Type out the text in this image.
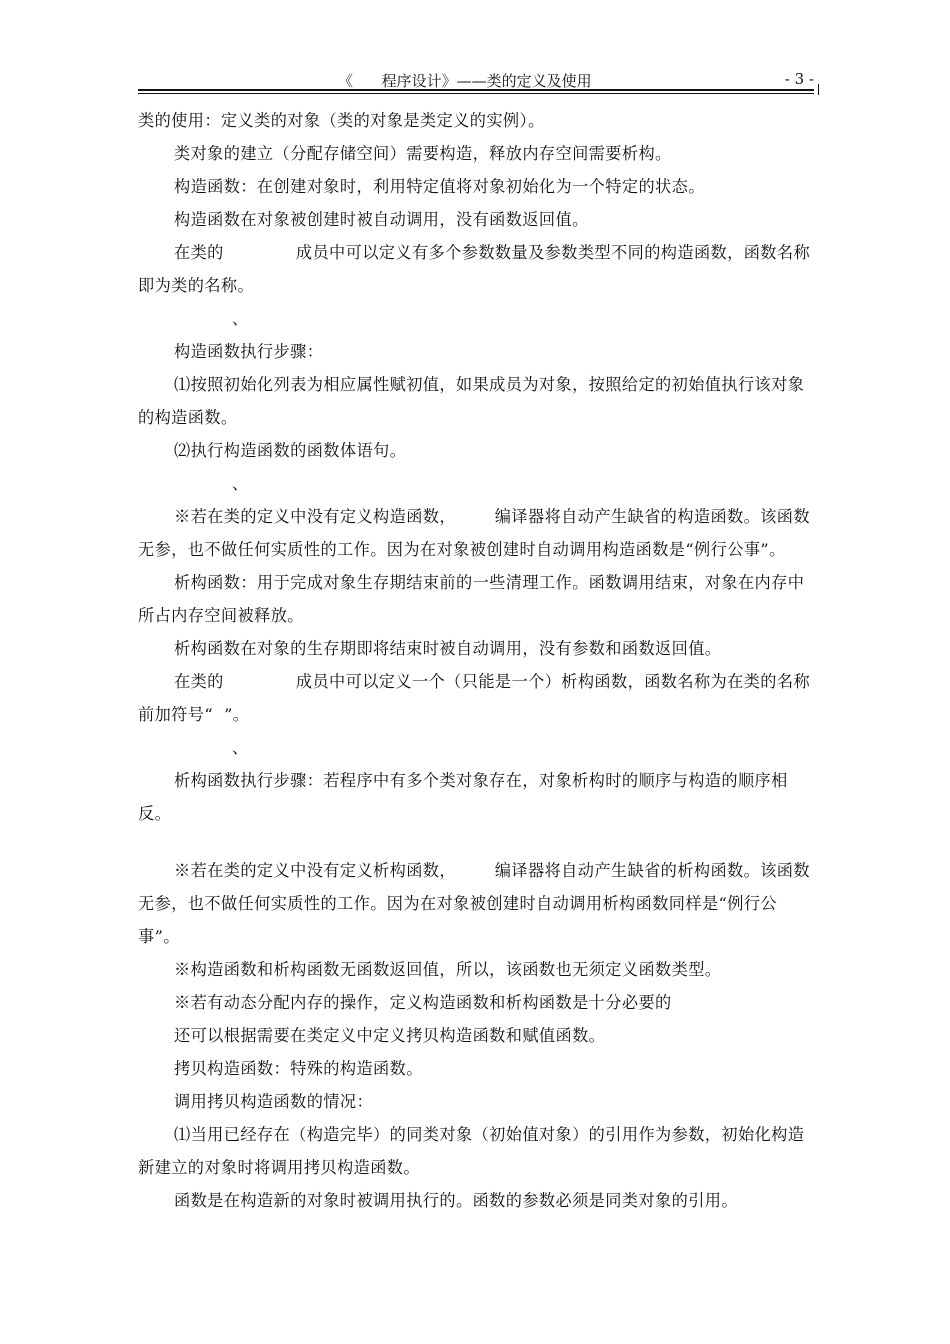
《      程序设计》——类的定义及使用	- 3 -
类的使用：定义类的对象（类的对象是类定义的实例）。
类对象的建立（分配存储空间）需要构造，释放内存空间需要析构。
构造函数：在创建对象时，利用特定值将对象初始化为一个特定的状态。
构造函数在对象被创建时被自动调用，没有函数返回值。
在类的             成员中可以定义有多个参数数量及参数类型不同的构造函数，函数名称即为类的名称。
、
构造函数执行步骤：
⑴按照初始化列表为相应属性赋初值，如果成员为对象，按照给定的初始值执行该对象的构造函数。
⑵执行构造函数的函数体语句。
、
※若在类的定义中没有定义构造函数，       编译器将自动产生缺省的构造函数。该函数无参，也不做任何实质性的工作。因为在对象被创建时自动调用构造函数是“例行公事”。
析构函数：用于完成对象生存期结束前的一些清理工作。函数调用结束，对象在内存中所占内存空间被释放。
析构函数在对象的生存期即将结束时被自动调用，没有参数和函数返回值。
在类的             成员中可以定义一个（只能是一个）析构函数，函数名称为在类的名称前加符号“  ”。
、
析构函数执行步骤：若程序中有多个类对象存在，对象析构时的顺序与构造的顺序相反。
※若在类的定义中没有定义析构函数，       编译器将自动产生缺省的析构函数。该函数无参，也不做任何实质性的工作。因为在对象被创建时自动调用析构函数同样是“例行公事”。
※构造函数和析构函数无函数返回值，所以，该函数也无须定义函数类型。
※若有动态分配内存的操作，定义构造函数和析构函数是十分必要的
还可以根据需要在类定义中定义拷贝构造函数和赋值函数。
拷贝构造函数：特殊的构造函数。
调用拷贝构造函数的情况：
⑴当用已经存在（构造完毕）的同类对象（初始值对象）的引用作为参数，初始化构造新建立的对象时将调用拷贝构造函数。
函数是在构造新的对象时被调用执行的。函数的参数必须是同类对象的引用。
